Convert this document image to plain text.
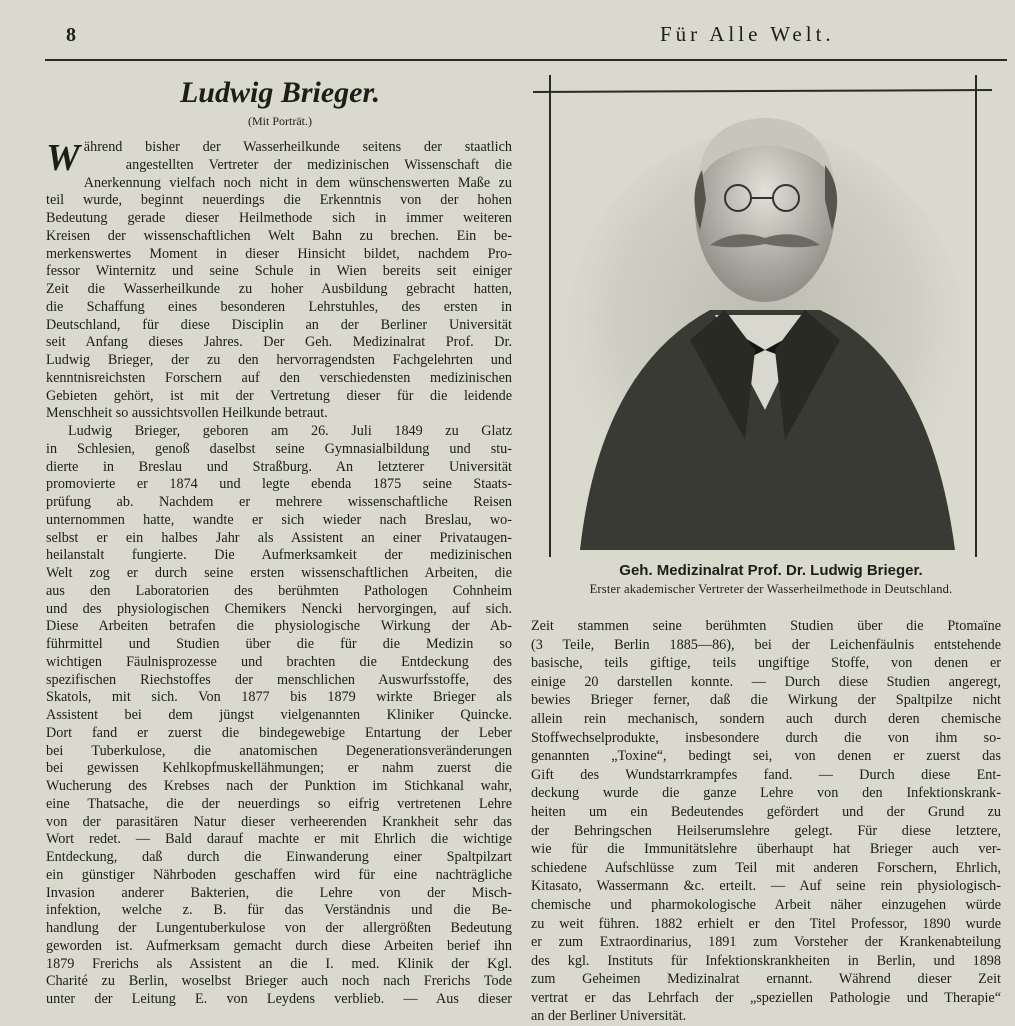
8	Für Alle Welt.
Ludwig Brieger.
(Mit Porträt.)
W ährend bisher der Wasserheilkunde seitens der staatlich
angestellten Vertreter der medizinischen Wissenschaft die
Anerkennung vielfach noch nicht in dem wünschenswerten Maße zu
teil wurde, beginnt neuerdings die Erkenntnis von der hohen
Bedeutung gerade dieser Heilmethode sich in immer weiteren
Kreisen der wissenschaftlichen Welt Bahn zu brechen. Ein be-
merkenswertes Moment in dieser Hinsicht bildet, nachdem Pro-
fessor Winternitz und seine Schule in Wien bereits seit einiger
Zeit die Wasserheilkunde zu hoher Ausbildung gebracht hatten,
die Schaffung eines besonderen Lehrstuhles, des ersten in
Deutschland, für diese Disciplin an der Berliner Universität
seit Anfang dieses Jahres. Der Geh. Medizinalrat Prof. Dr.
Ludwig Brieger, der zu den hervorragendsten Fachgelehrten und
kenntnisreichsten Forschern auf den verschiedensten medizinischen
Gebieten gehört, ist mit der Vertretung dieser für die leidende
Menschheit so aussichtsvollen Heilkunde betraut.
Ludwig Brieger, geboren am 26. Juli 1849 zu Glatz
in Schlesien, genoß daselbst seine Gymnasialbildung und stu-
dierte in Breslau und Straßburg. An letzterer Universität
promovierte er 1874 und legte ebenda 1875 seine Staats-
prüfung ab. Nachdem er mehrere wissenschaftliche Reisen
unternommen hatte, wandte er sich wieder nach Breslau, wo-
selbst er ein halbes Jahr als Assistent an einer Privataugen-
heilanstalt fungierte. Die Aufmerksamkeit der medizinischen
Welt zog er durch seine ersten wissenschaftlichen Arbeiten, die
aus den Laboratorien des berühmten Pathologen Cohnheim
und des physiologischen Chemikers Nencki hervorgingen, auf sich.
Diese Arbeiten betrafen die physiologische Wirkung der Ab-
führmittel und Studien über die für die Medizin so
wichtigen Fäulnisprozesse und brachten die Entdeckung des
spezifischen Riechstoffes der menschlichen Auswurfsstoffe, des
Skatols, mit sich. Von 1877 bis 1879 wirkte Brieger als
Assistent bei dem jüngst vielgenannten Kliniker Quincke.
Dort fand er zuerst die bindegewebige Entartung der Leber
bei Tuberkulose, die anatomischen Degenerationsveränderungen
bei gewissen Kehlkopfmuskellähmungen; er nahm zuerst die
Wucherung des Krebses nach der Punktion im Stichkanal wahr,
eine Thatsache, die der neuerdings so eifrig vertretenen Lehre
von der parasitären Natur dieser verheerenden Krankheit sehr das
Wort redet. — Bald darauf machte er mit Ehrlich die wichtige
Entdeckung, daß durch die Einwanderung einer Spaltpilzart
ein günstiger Nährboden geschaffen wird für eine nachträgliche
Invasion anderer Bakterien, die Lehre von der Misch-
infektion, welche z. B. für das Verständnis und die Be-
handlung der Lungentuberkulose von der allergrößten Bedeutung
geworden ist. Aufmerksam gemacht durch diese Arbeiten berief ihn
1879 Frerichs als Assistent an die I. med. Klinik der Kgl.
Charité zu Berlin, woselbst Brieger auch noch nach Frerichs Tode
unter der Leitung E. von Leydens verblieb. — Aus dieser
Geh. Medizinalrat Prof. Dr. Ludwig Brieger.
Erster akademischer Vertreter der Wasserheilmethode in Deutschland.
Zeit stammen seine berühmten Studien über die Ptomaïne
(3 Teile, Berlin 1885—86), bei der Leichenfäulnis entstehende
basische, teils giftige, teils ungiftige Stoffe, von denen er
einige 20 darstellen konnte. — Durch diese Studien angeregt,
bewies Brieger ferner, daß die Wirkung der Spaltpilze nicht
allein rein mechanisch, sondern auch durch deren chemische
Stoffwechselprodukte, insbesondere durch die von ihm so-
genannten „Toxine“, bedingt sei, von denen er zuerst das
Gift des Wundstarrkrampfes fand. — Durch diese Ent-
deckung wurde die ganze Lehre von den Infektionskrank-
heiten um ein Bedeutendes gefördert und der Grund zu
der Behringschen Heilserumslehre gelegt. Für diese letztere,
wie für die Immunitätslehre überhaupt hat Brieger auch ver-
schiedene Aufschlüsse zum Teil mit anderen Forschern, Ehrlich,
Kitasato, Wassermann &c. erteilt. — Auf seine rein physiologisch-
chemische und pharmokologische Arbeit näher einzugehen würde
zu weit führen. 1882 erhielt er den Titel Professor, 1890 wurde
er zum Extraordinarius, 1891 zum Vorsteher der Krankenabteilung
des kgl. Instituts für Infektionskrankheiten in Berlin, und 1898
zum Geheimen Medizinalrat ernannt. Während dieser Zeit
vertrat er das Lehrfach der „speziellen Pathologie und Therapie“
an der Berliner Universität.
